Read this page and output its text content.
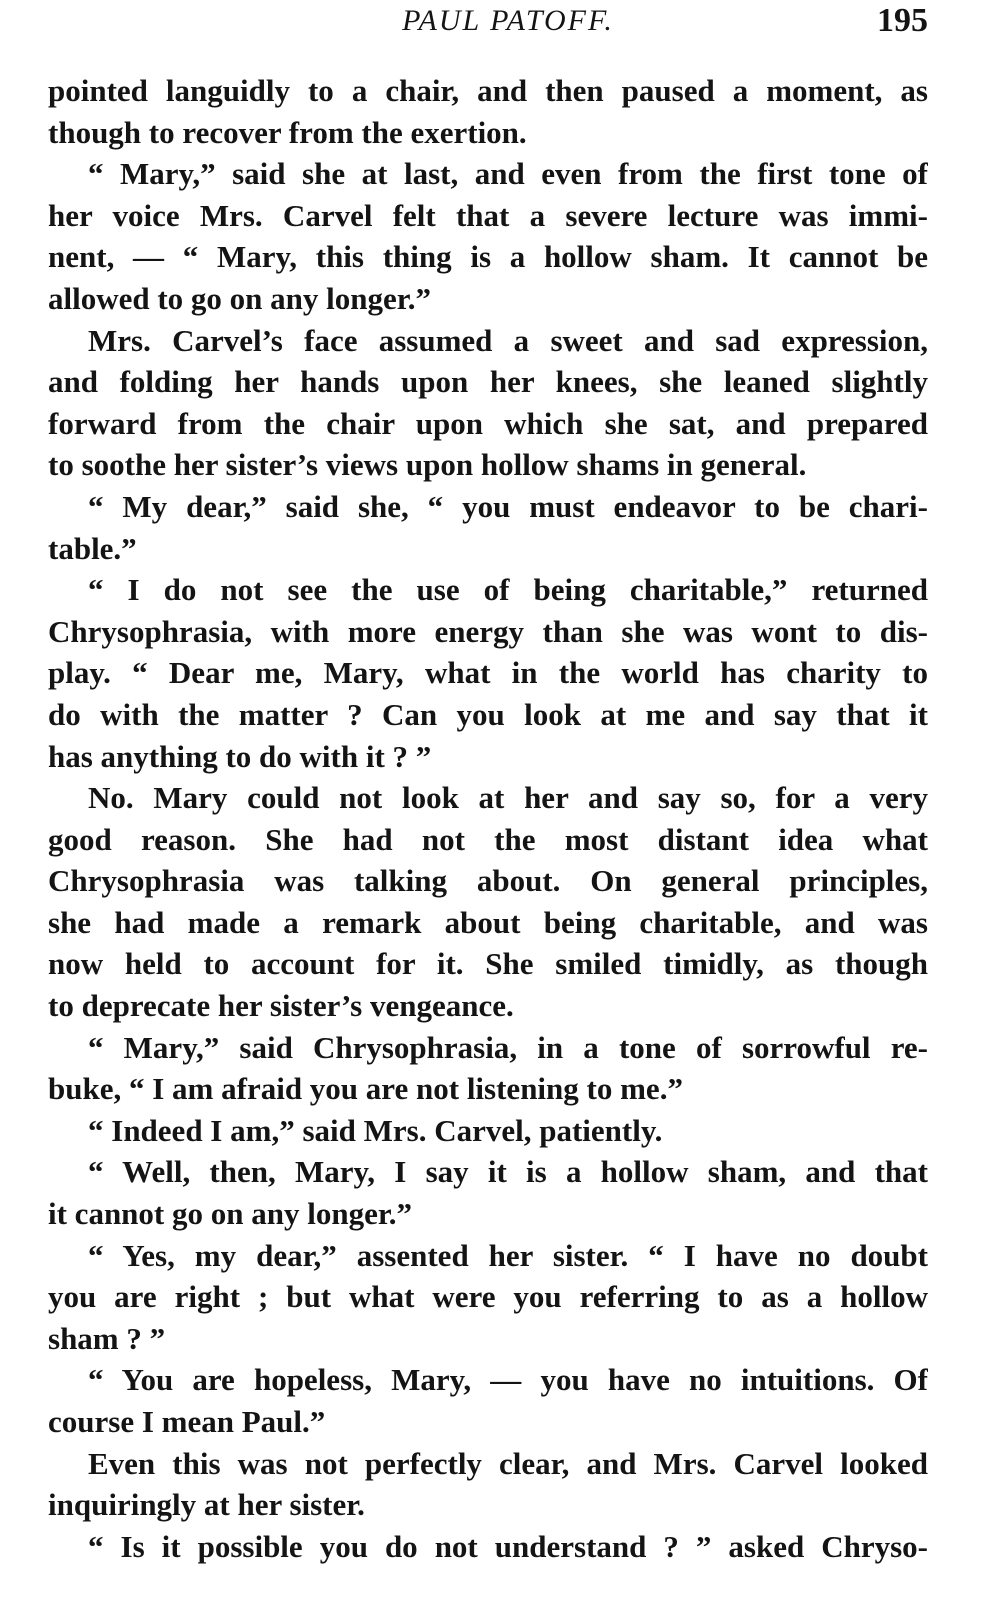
PAUL PATOFF.	195
pointed languidly to a chair, and then paused a moment, as
though to recover from the exertion.
“ Mary,” said she at last, and even from the first tone of
her voice Mrs. Carvel felt that a severe lecture was immi-
nent, — “ Mary, this thing is a hollow sham. It cannot be
allowed to go on any longer.”
Mrs. Carvel’s face assumed a sweet and sad expression,
and folding her hands upon her knees, she leaned slightly
forward from the chair upon which she sat, and prepared
to soothe her sister’s views upon hollow shams in general.
“ My dear,” said she, “ you must endeavor to be chari-
table.”
“ I do not see the use of being charitable,” returned
Chrysophrasia, with more energy than she was wont to dis-
play. “ Dear me, Mary, what in the world has charity to
do with the matter ? Can you look at me and say that it
has anything to do with it ? ”
No. Mary could not look at her and say so, for a very
good reason. She had not the most distant idea what
Chrysophrasia was talking about. On general principles,
she had made a remark about being charitable, and was
now held to account for it. She smiled timidly, as though
to deprecate her sister’s vengeance.
“ Mary,” said Chrysophrasia, in a tone of sorrowful re-
buke, “ I am afraid you are not listening to me.”
“ Indeed I am,” said Mrs. Carvel, patiently.
“ Well, then, Mary, I say it is a hollow sham, and that
it cannot go on any longer.”
“ Yes, my dear,” assented her sister. “ I have no doubt
you are right ; but what were you referring to as a hollow
sham ? ”
“ You are hopeless, Mary, — you have no intuitions. Of
course I mean Paul.”
Even this was not perfectly clear, and Mrs. Carvel looked
inquiringly at her sister.
“ Is it possible you do not understand ? ” asked Chryso-
